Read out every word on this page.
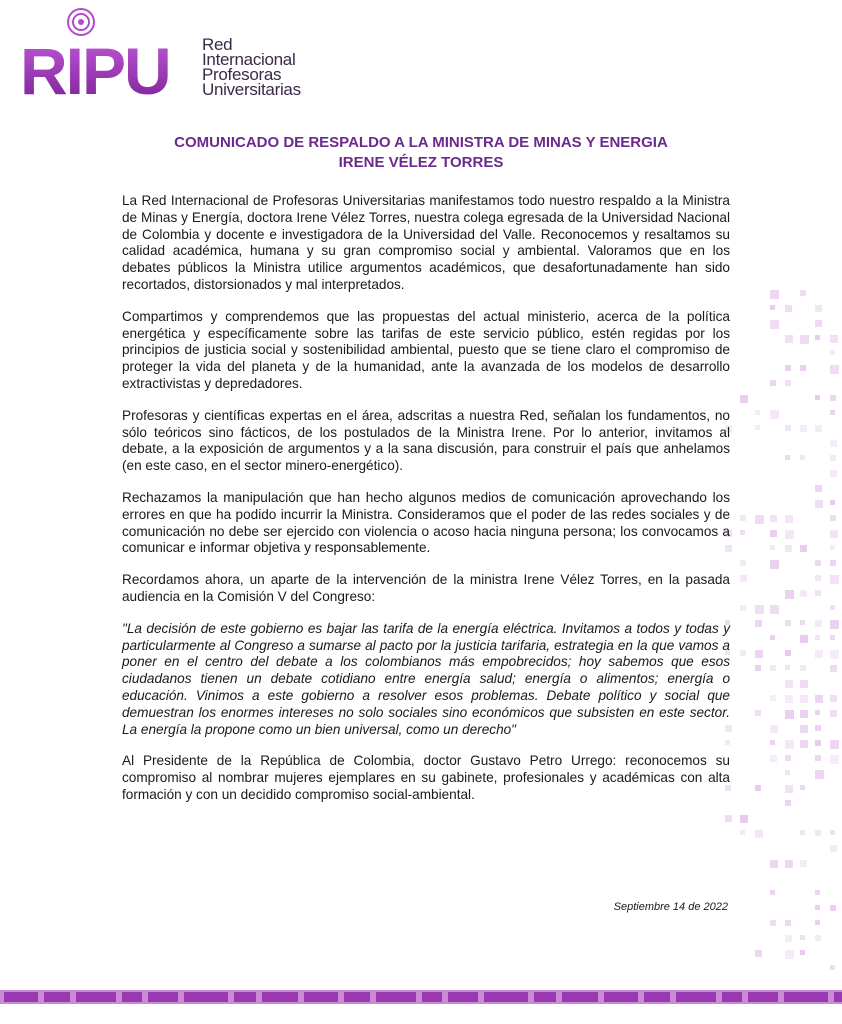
RIPU Red
Internacional
Profesoras
Universitarias
COMUNICADO DE RESPALDO A LA MINISTRA DE MINAS Y ENERGIA
IRENE VÉLEZ TORRES

La Red Internacional de Profesoras Universitarias manifestamos todo nuestro respaldo a la Ministra de Minas y Energía, doctora Irene Vélez Torres, nuestra colega egresada de la Universidad Nacional de Colombia y docente e investigadora de la Universidad del Valle. Reconocemos y resaltamos su calidad académica, humana y su gran compromiso social y ambiental. Valoramos que en los debates públicos la Ministra utilice argumentos académicos, que desafortunadamente han sido recortados, distorsionados y mal interpretados.

Compartimos y comprendemos que las propuestas del actual ministerio, acerca de la política energética y específicamente sobre las tarifas de este servicio público, estén regidas por los principios de justicia social y sostenibilidad ambiental, puesto que se tiene claro el compromiso de proteger la vida del planeta y de la humanidad, ante la avanzada de los modelos de desarrollo extractivistas y depredadores.

Profesoras y científicas expertas en el área, adscritas a nuestra Red, señalan los fundamentos, no sólo teóricos sino fácticos, de los postulados de la Ministra Irene. Por lo anterior, invitamos al debate, a la exposición de argumentos y a la sana discusión, para construir el país que anhelamos (en este caso, en el sector minero-energético).

Rechazamos la manipulación que han hecho algunos medios de comunicación aprovechando los errores en que ha podido incurrir la Ministra. Consideramos que el poder de las redes sociales y de comunicación no debe ser ejercido con violencia o acoso hacia ninguna persona; los convocamos a comunicar e informar objetiva y responsablemente.

Recordamos ahora, un aparte de la intervención de la ministra Irene Vélez Torres, en la pasada audiencia en la Comisión V del Congreso:

"La decisión de este gobierno es bajar las tarifa de la energía eléctrica. Invitamos a todos y todas y particularmente al Congreso a sumarse al pacto por la justicia tarifaria, estrategia en la que vamos a poner en el centro del debate a los colombianos más empobrecidos; hoy sabemos que esos ciudadanos tienen un debate cotidiano entre energía salud; energía o alimentos; energía o educación. Vinimos a este gobierno a resolver esos problemas. Debate político y social que demuestran los enormes intereses no solo sociales sino económicos que subsisten en este sector. La energía la propone como un bien universal, como un derecho"

Al Presidente de la República de Colombia, doctor Gustavo Petro Urrego: reconocemos su compromiso al nombrar mujeres ejemplares en su gabinete, profesionales y académicas con alta formación y con un decidido compromiso social-ambiental.

Septiembre 14 de 2022
